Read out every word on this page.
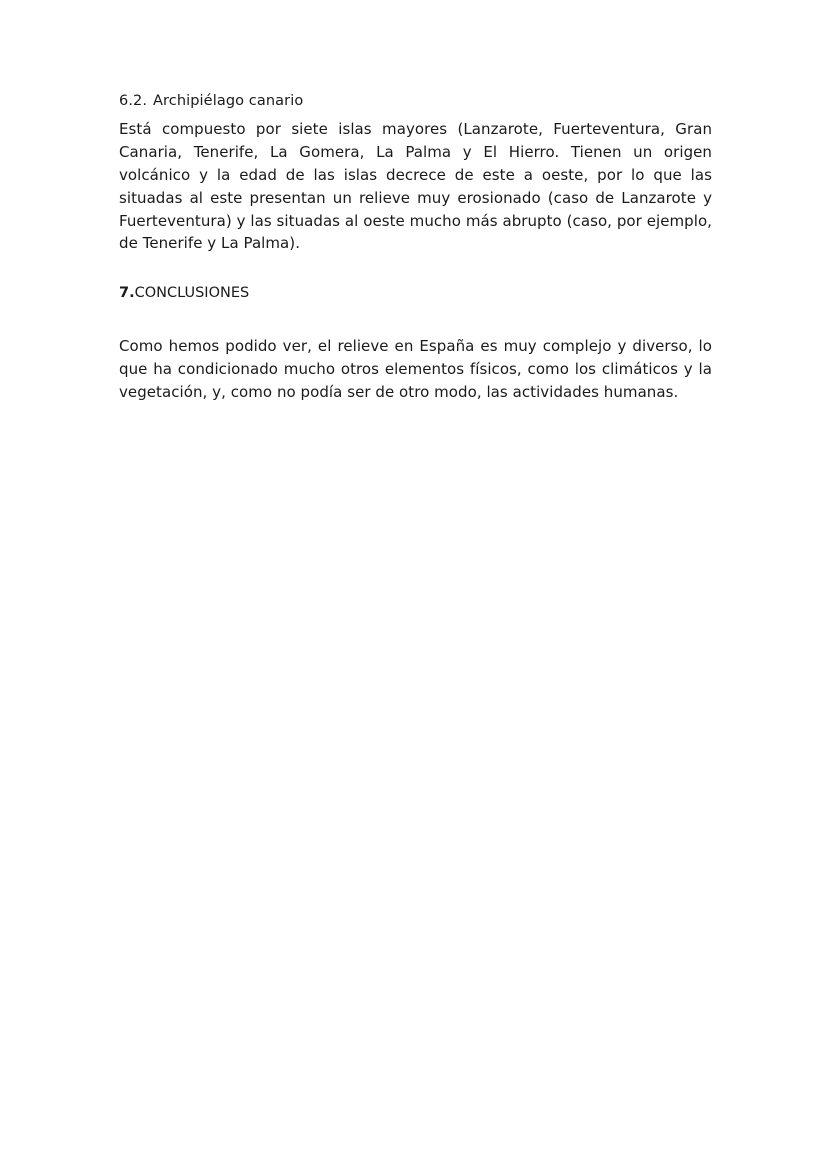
6.2. Archipiélago canario

Está compuesto por siete islas mayores (Lanzarote, Fuerteventura, Gran Canaria, Tenerife, La Gomera, La Palma y El Hierro. Tienen un origen volcánico y la edad de las islas decrece de este a oeste, por lo que las situadas al este presentan un relieve muy erosionado (caso de Lanzarote y Fuerteventura) y las situadas al oeste mucho más abrupto (caso, por ejemplo, de Tenerife y La Palma).

7.CONCLUSIONES

Como hemos podido ver, el relieve en España es muy complejo y diverso, lo que ha condicionado mucho otros elementos físicos, como los climáticos y la vegetación, y, como no podía ser de otro modo, las actividades humanas.
